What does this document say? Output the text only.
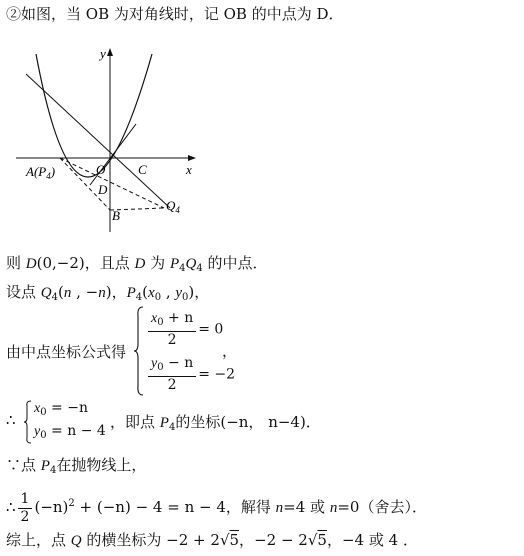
②如图，当 OB 为对角线时，记 OB 的中点为 D．
y
x
O	C
$A(P_4)$
D
B
$Q_4$
则 D(0,−2)，且点 D 为 $P_4Q_4$ 的中点．
设点 $Q_4(n$ , −n)，$P_4(x_0$ , $y_0$)，
由中点坐标公式得
$\frac{x_0 + n}{2} = 0$
$\frac{y_0 - n}{2} = -2$
，
∴
$x_0 = -n$
$y_0 = n - 4$ ，即点 $P_4$的坐标(−n， n−4)．
∵点 $P_4$在抛物线上，
∴ $\frac{1}{2} (-n)^2 + (-n) - 4 = n - 4$，解得 n=4 或 n=0（舍去）．
综上，点 Q 的横坐标为 −2 + 2√5，−2 − 2√5，−4 或 4 ．
